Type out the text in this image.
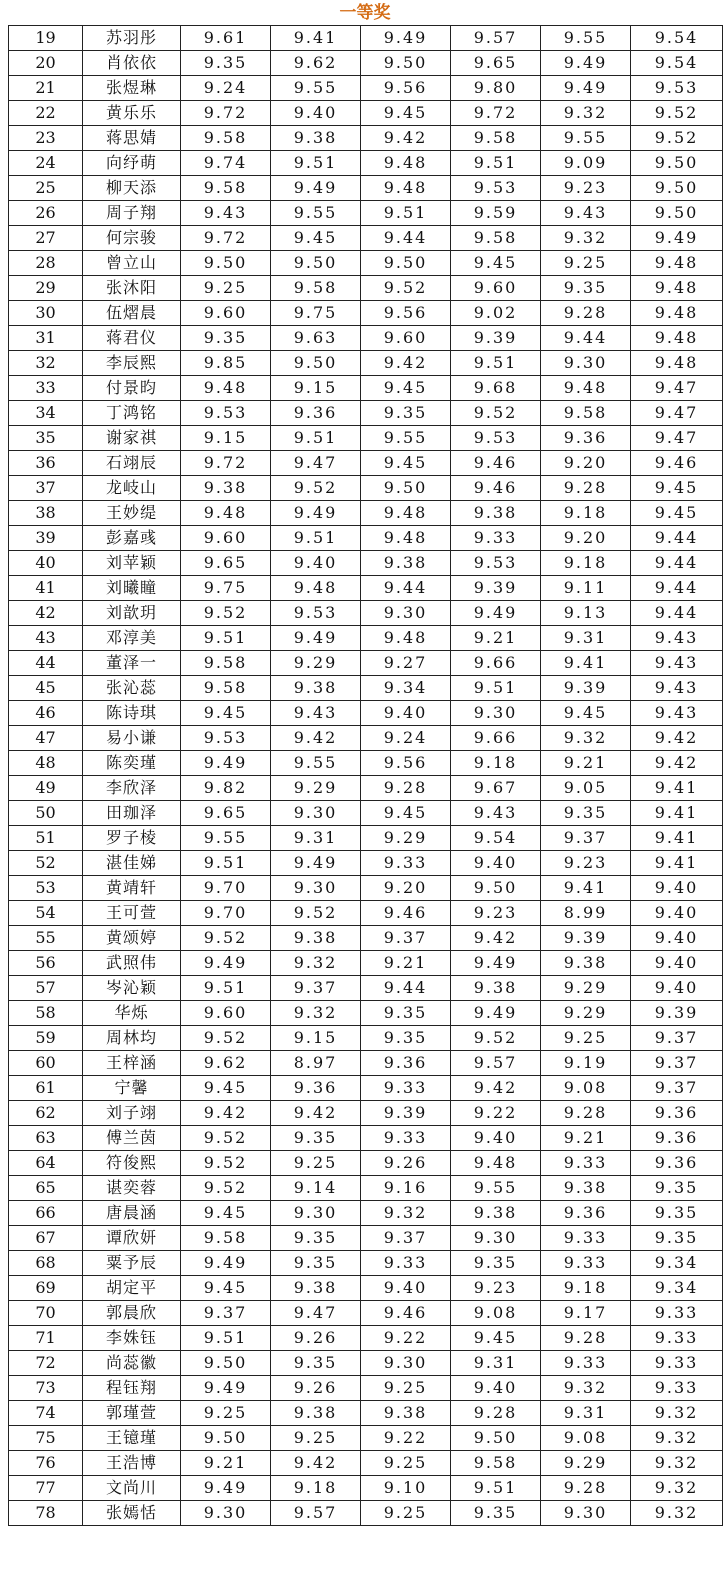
一等奖
19	苏羽彤	9.61	9.41	9.49	9.57	9.55	9.54
20	肖依依	9.35	9.62	9.50	9.65	9.49	9.54
21	张煜琳	9.24	9.55	9.56	9.80	9.49	9.53
22	黄乐乐	9.72	9.40	9.45	9.72	9.32	9.52
23	蒋思婧	9.58	9.38	9.42	9.58	9.55	9.52
24	向纾萌	9.74	9.51	9.48	9.51	9.09	9.50
25	柳天添	9.58	9.49	9.48	9.53	9.23	9.50
26	周子翔	9.43	9.55	9.51	9.59	9.43	9.50
27	何宗骏	9.72	9.45	9.44	9.58	9.32	9.49
28	曾立山	9.50	9.50	9.50	9.45	9.25	9.48
29	张沐阳	9.25	9.58	9.52	9.60	9.35	9.48
30	伍熠晨	9.60	9.75	9.56	9.02	9.28	9.48
31	蒋君仪	9.35	9.63	9.60	9.39	9.44	9.48
32	李辰熙	9.85	9.50	9.42	9.51	9.30	9.48
33	付景昀	9.48	9.15	9.45	9.68	9.48	9.47
34	丁鸿铭	9.53	9.36	9.35	9.52	9.58	9.47
35	谢家祺	9.15	9.51	9.55	9.53	9.36	9.47
36	石翊辰	9.72	9.47	9.45	9.46	9.20	9.46
37	龙岐山	9.38	9.52	9.50	9.46	9.28	9.45
38	王妙缇	9.48	9.49	9.48	9.38	9.18	9.45
39	彭嘉彧	9.60	9.51	9.48	9.33	9.20	9.44
40	刘苹颖	9.65	9.40	9.38	9.53	9.18	9.44
41	刘曦瞳	9.75	9.48	9.44	9.39	9.11	9.44
42	刘歆玥	9.52	9.53	9.30	9.49	9.13	9.44
43	邓淳美	9.51	9.49	9.48	9.21	9.31	9.43
44	董泽一	9.58	9.29	9.27	9.66	9.41	9.43
45	张沁蕊	9.58	9.38	9.34	9.51	9.39	9.43
46	陈诗琪	9.45	9.43	9.40	9.30	9.45	9.43
47	易小谦	9.53	9.42	9.24	9.66	9.32	9.42
48	陈奕瑾	9.49	9.55	9.56	9.18	9.21	9.42
49	李欣泽	9.82	9.29	9.28	9.67	9.05	9.41
50	田珈泽	9.65	9.30	9.45	9.43	9.35	9.41
51	罗子棱	9.55	9.31	9.29	9.54	9.37	9.41
52	湛佳娣	9.51	9.49	9.33	9.40	9.23	9.41
53	黄靖轩	9.70	9.30	9.20	9.50	9.41	9.40
54	王可萱	9.70	9.52	9.46	9.23	8.99	9.40
55	黄颂婷	9.52	9.38	9.37	9.42	9.39	9.40
56	武照伟	9.49	9.32	9.21	9.49	9.38	9.40
57	岑沁颖	9.51	9.37	9.44	9.38	9.29	9.40
58	华烁	9.60	9.32	9.35	9.49	9.29	9.39
59	周林均	9.52	9.15	9.35	9.52	9.25	9.37
60	王梓涵	9.62	8.97	9.36	9.57	9.19	9.37
61	宁馨	9.45	9.36	9.33	9.42	9.08	9.37
62	刘子翊	9.42	9.42	9.39	9.22	9.28	9.36
63	傅兰茵	9.52	9.35	9.33	9.40	9.21	9.36
64	符俊熙	9.52	9.25	9.26	9.48	9.33	9.36
65	谌奕蓉	9.52	9.14	9.16	9.55	9.38	9.35
66	唐晨涵	9.45	9.30	9.32	9.38	9.36	9.35
67	谭欣妍	9.58	9.35	9.37	9.30	9.33	9.35
68	粟予辰	9.49	9.35	9.33	9.35	9.33	9.34
69	胡定平	9.45	9.38	9.40	9.23	9.18	9.34
70	郭晨欣	9.37	9.47	9.46	9.08	9.17	9.33
71	李姝钰	9.51	9.26	9.22	9.45	9.28	9.33
72	尚蕊徽	9.50	9.35	9.30	9.31	9.33	9.33
73	程钰翔	9.49	9.26	9.25	9.40	9.32	9.33
74	郭瑾萱	9.25	9.38	9.38	9.28	9.31	9.32
75	王镱瑾	9.50	9.25	9.22	9.50	9.08	9.32
76	王浩博	9.21	9.42	9.25	9.58	9.29	9.32
77	文尚川	9.49	9.18	9.10	9.51	9.28	9.32
78	张嫣恬	9.30	9.57	9.25	9.35	9.30	9.32
